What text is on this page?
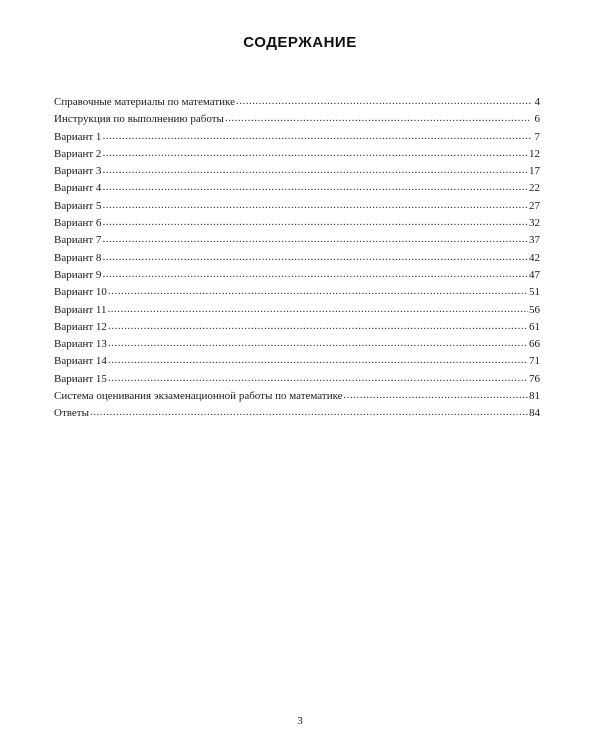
СОДЕРЖАНИЕ
Справочные материалы по математике .....	4
Инструкция по выполнению работы .....	6
Вариант 1 .....	7
Вариант 2 .....	12
Вариант 3 .....	17
Вариант 4 .....	22
Вариант 5 .....	27
Вариант 6 .....	32
Вариант 7 .....	37
Вариант 8 .....	42
Вариант 9 .....	47
Вариант 10 .....	51
Вариант 11 .....	56
Вариант 12 .....	61
Вариант 13 .....	66
Вариант 14 .....	71
Вариант 15 .....	76
Система оценивания экзаменационной работы по математике .....	81
Ответы .....	84
3
